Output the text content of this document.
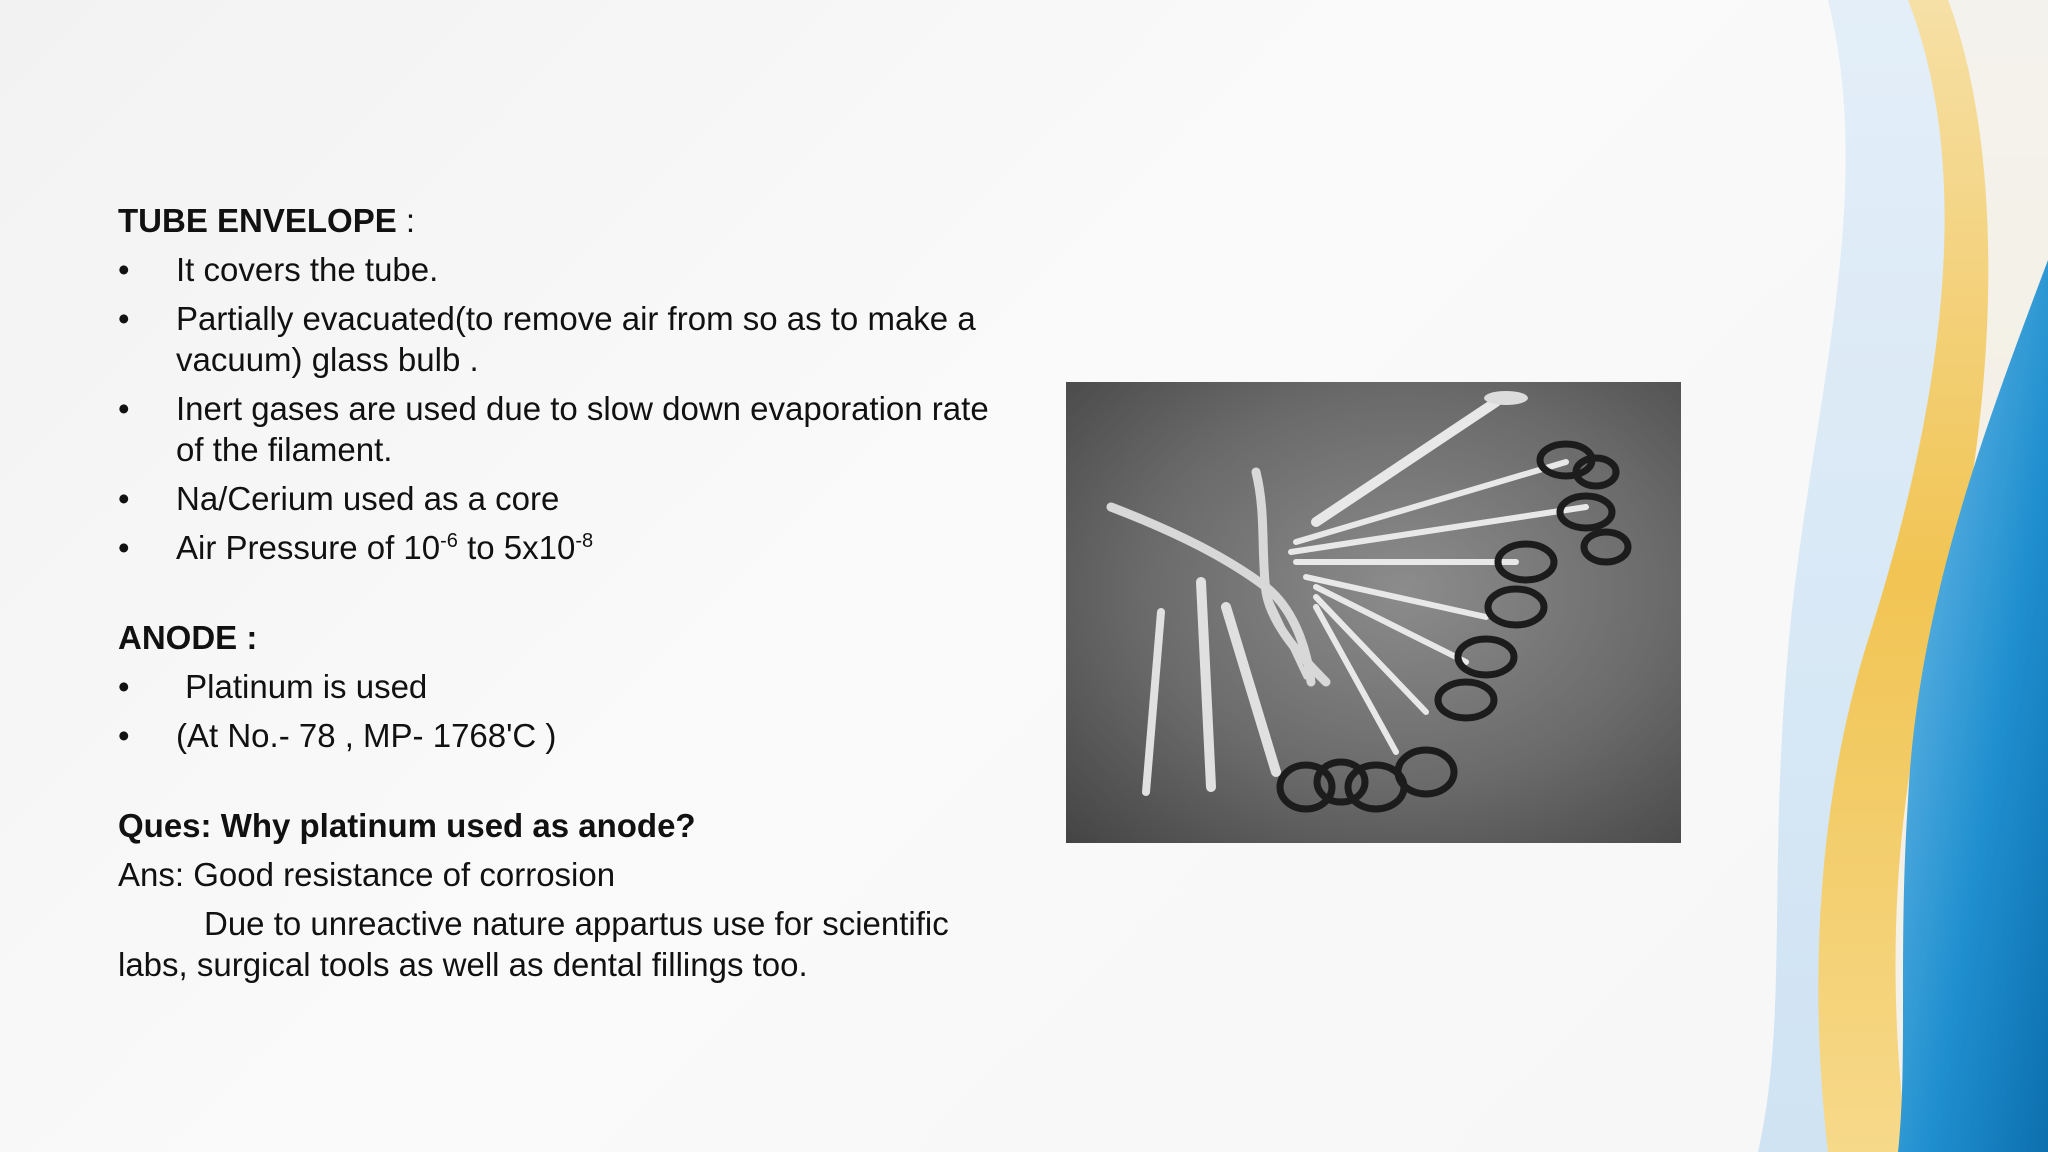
TUBE ENVELOPE :

• It covers the tube.
• Partially evacuated(to remove air from so as to make a vacuum) glass bulb .
• Inert gases are used due to slow down evaporation rate of the filament.
• Na/Cerium used as a core
• Air Pressure of $10^{-6}$ to $5x10^{-8}$

ANODE :

• Platinum is used
• (At No.- 78 , MP- 1768'C )

Ques: Why platinum used as anode?

Ans: Good resistance of corrosion

Due to unreactive nature appartus use for scientific labs, surgical tools as well as dental fillings too.
